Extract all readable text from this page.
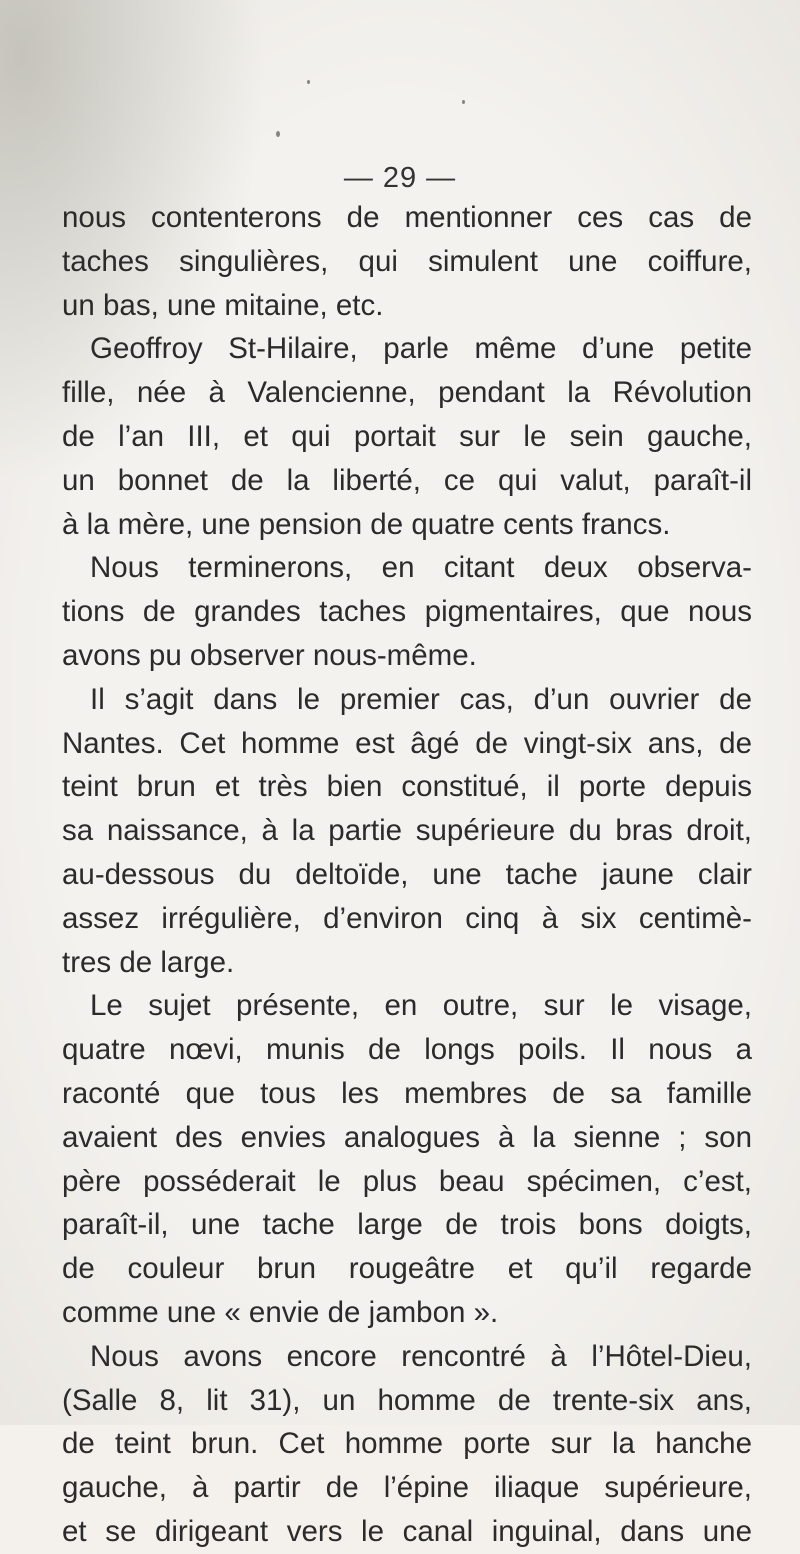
— 29 —
nous contenterons de mentionner ces cas de
taches singulières, qui simulent une coiffure,
un bas, une mitaine, etc.
Geoffroy St-Hilaire, parle même d’une petite
fille, née à Valencienne, pendant la Révolution
de l’an III, et qui portait sur le sein gauche,
un bonnet de la liberté, ce qui valut, paraît-il
à la mère, une pension de quatre cents francs.
Nous terminerons, en citant deux observa-
tions de grandes taches pigmentaires, que nous
avons pu observer nous-même.
Il s’agit dans le premier cas, d’un ouvrier de
Nantes. Cet homme est âgé de vingt-six ans, de
teint brun et très bien constitué, il porte depuis
sa naissance, à la partie supérieure du bras droit,
au-dessous du deltoïde, une tache jaune clair
assez irrégulière, d’environ cinq à six centimè-
tres de large.
Le sujet présente, en outre, sur le visage,
quatre nœvi, munis de longs poils. Il nous a
raconté que tous les membres de sa famille
avaient des envies analogues à la sienne ; son
père posséderait le plus beau spécimen, c’est,
paraît-il, une tache large de trois bons doigts,
de couleur brun rougeâtre et qu’il regarde
comme une « envie de jambon ».
Nous avons encore rencontré à l’Hôtel-Dieu,
(Salle 8, lit 31), un homme de trente-six ans,
de teint brun. Cet homme porte sur la hanche
gauche, à partir de l’épine iliaque supérieure,
et se dirigeant vers le canal inguinal, dans une
